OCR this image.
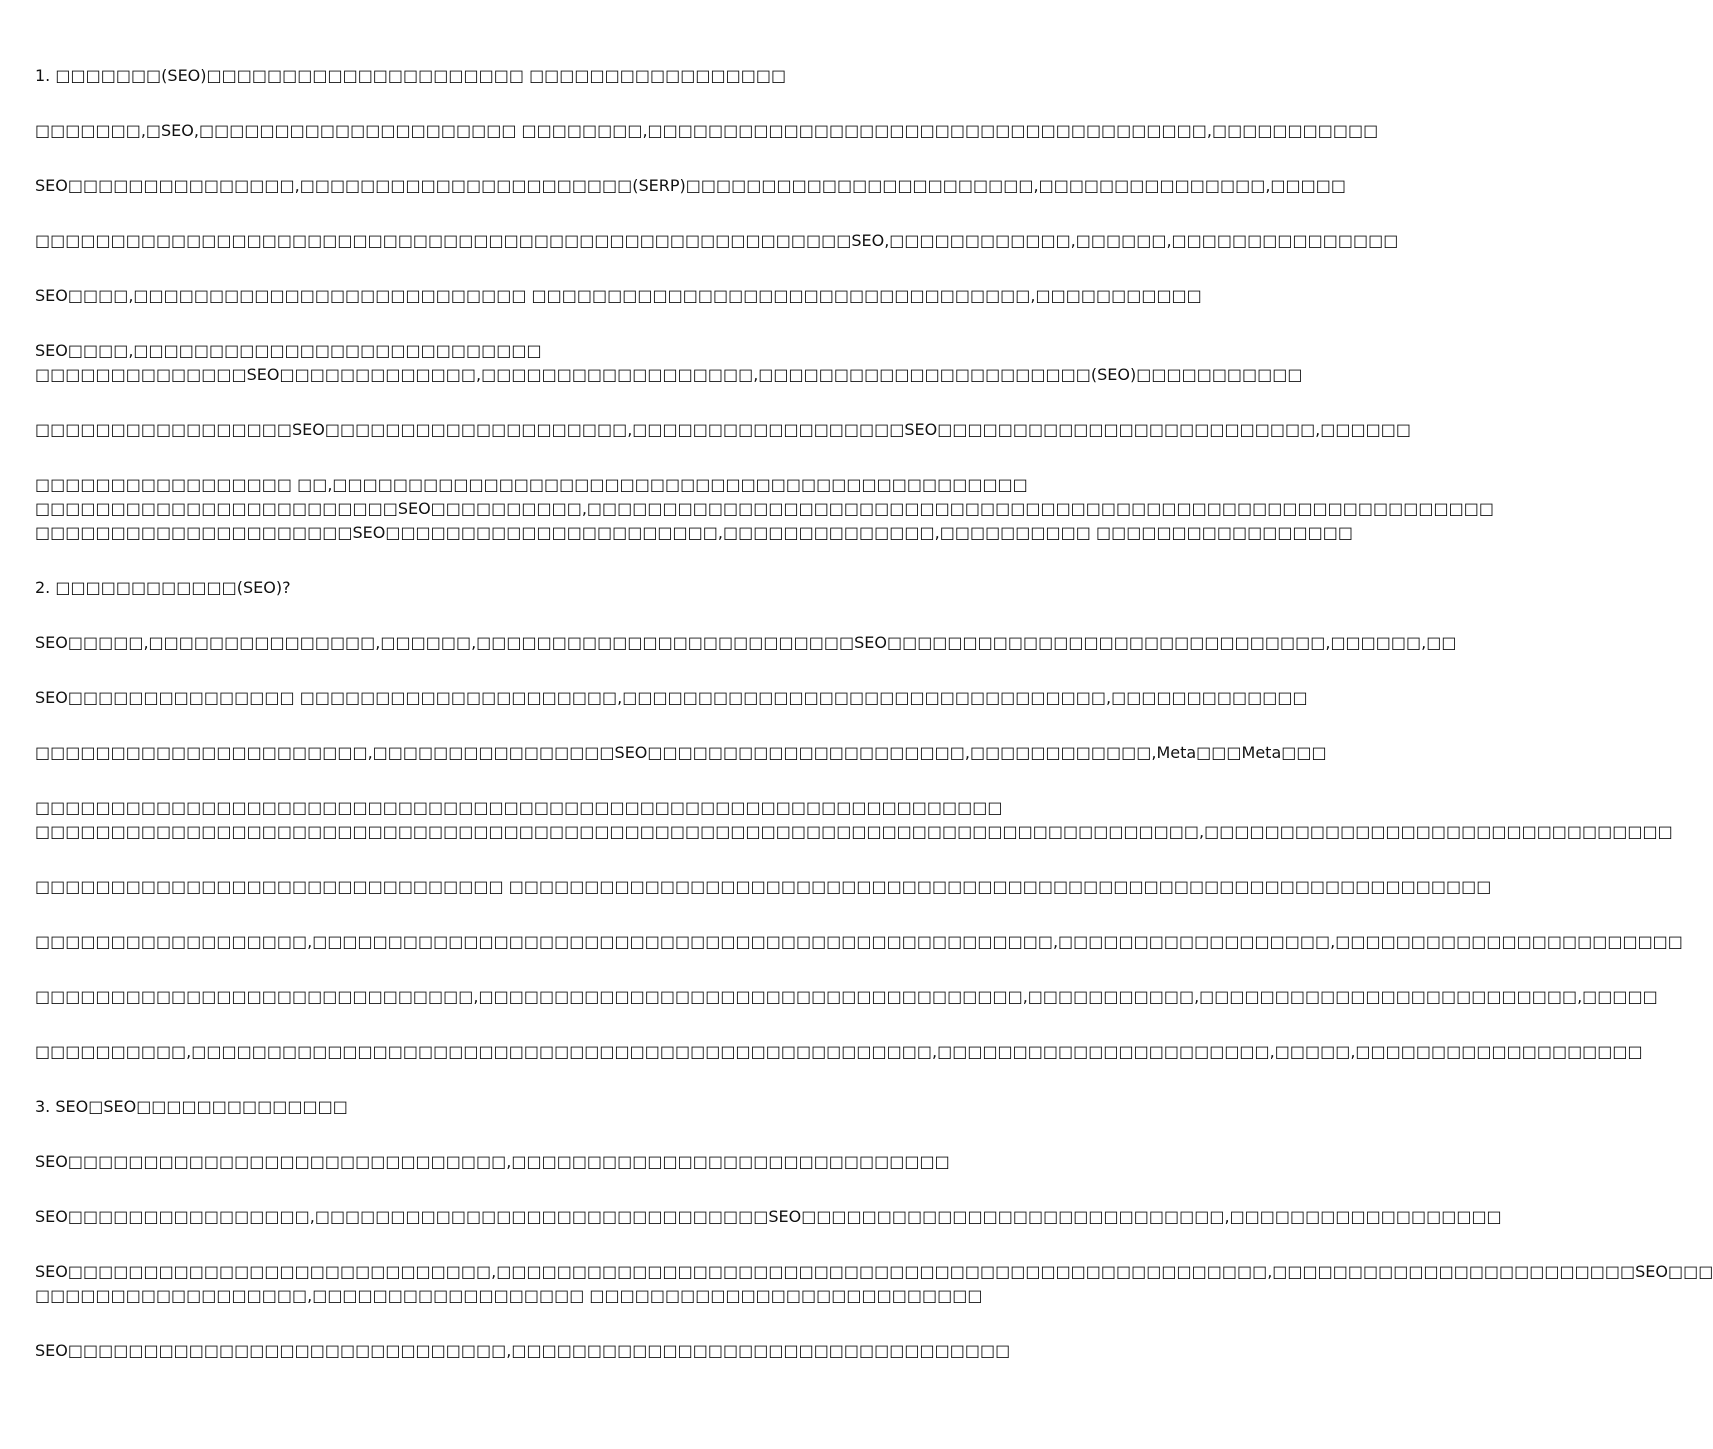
1. □□□□□□□(SEO)□□□□□□□□□□□□□□□□□□□□□ □□□□□□□□□□□□□□□□□
□□□□□□□,□SEO,□□□□□□□□□□□□□□□□□□□□□ □□□□□□□□,□□□□□□□□□□□□□□□□□□□□□□□□□□□□□□□□□□□□□,□□□□□□□□□□□
SEO□□□□□□□□□□□□□□□,□□□□□□□□□□□□□□□□□□□□□□(SERP)□□□□□□□□□□□□□□□□□□□□□□□,□□□□□□□□□□□□□□□,□□□□□
□□□□□□□□□□□□□□□□□□□□□□□□□□□□□□□□□□□□□□□□□□□□□□□□□□□□□□SEO,□□□□□□□□□□□□,□□□□□□,□□□□□□□□□□□□□□□
SEO□□□□,□□□□□□□□□□□□□□□□□□□□□□□□□□ □□□□□□□□□□□□□□□□□□□□□□□□□□□□□□□□□,□□□□□□□□□□□
SEO□□□□,□□□□□□□□□□□□□□□□□□□□□□□□□□□
□□□□□□□□□□□□□□SEO□□□□□□□□□□□□□,□□□□□□□□□□□□□□□□□□,□□□□□□□□□□□□□□□□□□□□□□(SEO)□□□□□□□□□□□
□□□□□□□□□□□□□□□□□SEO□□□□□□□□□□□□□□□□□□□□,□□□□□□□□□□□□□□□□□□SEO□□□□□□□□□□□□□□□□□□□□□□□□□,□□□□□□
□□□□□□□□□□□□□□□□□ □□,□□□□□□□□□□□□□□□□□□□□□□□□□□□□□□□□□□□□□□□□□□□□□□
□□□□□□□□□□□□□□□□□□□□□□□□SEO□□□□□□□□□□,□□□□□□□□□□□□□□□□□□□□□□□□□□□□□□□□□□□□□□□□□□□□□□□□□□□□□□□□□□□□
□□□□□□□□□□□□□□□□□□□□□SEO□□□□□□□□□□□□□□□□□□□□□□,□□□□□□□□□□□□□□,□□□□□□□□□□ □□□□□□□□□□□□□□□□□
2. □□□□□□□□□□□□(SEO)?
SEO□□□□□,□□□□□□□□□□□□□□□,□□□□□□,□□□□□□□□□□□□□□□□□□□□□□□□□SEO□□□□□□□□□□□□□□□□□□□□□□□□□□□□□,□□□□□□,□□
SEO□□□□□□□□□□□□□□□ □□□□□□□□□□□□□□□□□□□□□,□□□□□□□□□□□□□□□□□□□□□□□□□□□□□□□□,□□□□□□□□□□□□□
□□□□□□□□□□□□□□□□□□□□□□,□□□□□□□□□□□□□□□□SEO□□□□□□□□□□□□□□□□□□□□□,□□□□□□□□□□□□,Meta□□□Meta□□□
□□□□□□□□□□□□□□□□□□□□□□□□□□□□□□□□□□□□□□□□□□□□□□□□□□□□□□□□□□□□□□□□
□□□□□□□□□□□□□□□□□□□□□□□□□□□□□□□□□□□□□□□□□□□□□□□□□□□□□□□□□□□□□□□□□□□□□□□□□□□□□,□□□□□□□□□□□□□□□□□□□□□□□□□□□□□□□
□□□□□□□□□□□□□□□□□□□□□□□□□□□□□□□ □□□□□□□□□□□□□□□□□□□□□□□□□□□□□□□□□□□□□□□□□□□□□□□□□□□□□□□□□□□□□□□□□
□□□□□□□□□□□□□□□□□□,□□□□□□□□□□□□□□□□□□□□□□□□□□□□□□□□□□□□□□□□□□□□□□□□□,□□□□□□□□□□□□□□□□□□,□□□□□□□□□□□□□□□□□□□□□□□
□□□□□□□□□□□□□□□□□□□□□□□□□□□□□,□□□□□□□□□□□□□□□□□□□□□□□□□□□□□□□□□□□□,□□□□□□□□□□□,□□□□□□□□□□□□□□□□□□□□□□□□□,□□□□□
□□□□□□□□□□,□□□□□□□□□□□□□□□□□□□□□□□□□□□□□□□□□□□□□□□□□□□□□□□□□,□□□□□□□□□□□□□□□□□□□□□□,□□□□□,□□□□□□□□□□□□□□□□□□□
3. SEO□SEO□□□□□□□□□□□□□□
SEO□□□□□□□□□□□□□□□□□□□□□□□□□□□□□,□□□□□□□□□□□□□□□□□□□□□□□□□□□□□
SEO□□□□□□□□□□□□□□□□,□□□□□□□□□□□□□□□□□□□□□□□□□□□□□□SEO□□□□□□□□□□□□□□□□□□□□□□□□□□□□,□□□□□□□□□□□□□□□□□□
SEO□□□□□□□□□□□□□□□□□□□□□□□□□□□□,□□□□□□□□□□□□□□□□□□□□□□□□□□□□□□□□□□□□□□□□□□□□□□□□□□□,□□□□□□□□□□□□□□□□□□□□□□□□SEO□□□
□□□□□□□□□□□□□□□□□□,□□□□□□□□□□□□□□□□□□ □□□□□□□□□□□□□□□□□□□□□□□□□□
SEO□□□□□□□□□□□□□□□□□□□□□□□□□□□□□,□□□□□□□□□□□□□□□□□□□□□□□□□□□□□□□□□
